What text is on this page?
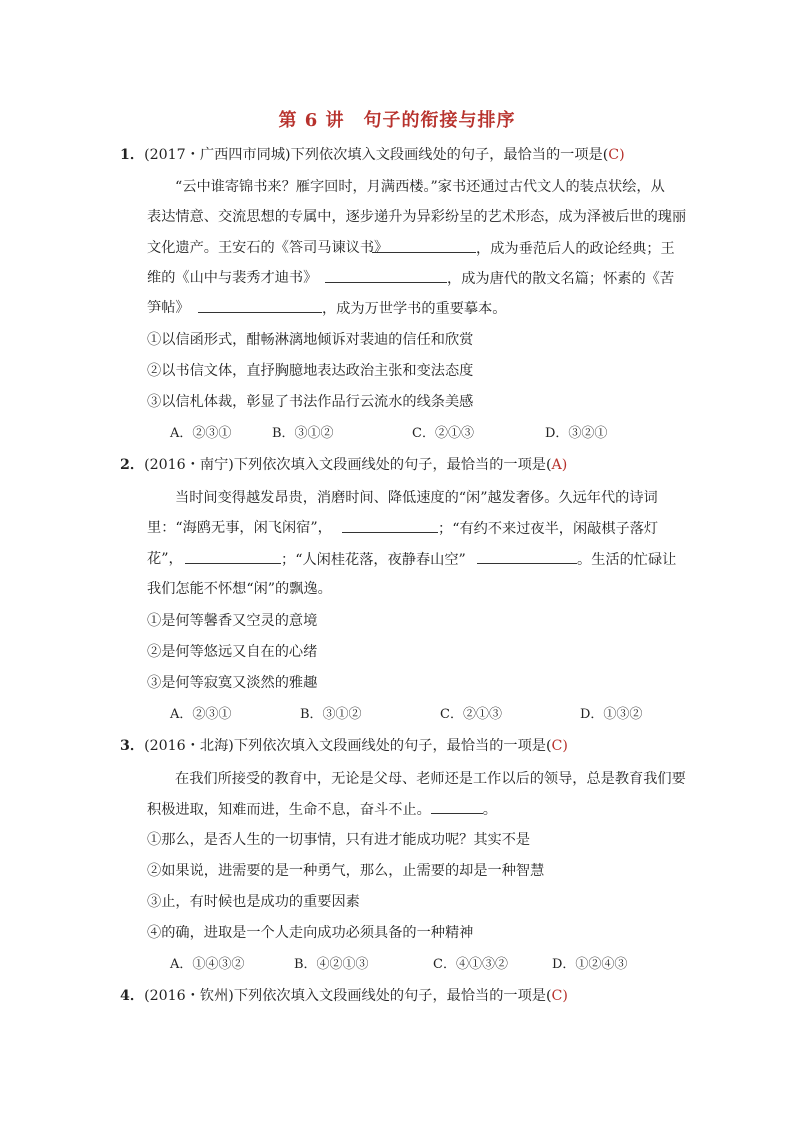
第 6 讲　句子的衔接与排序
1．(2017・广西四市同城)下列依次填入文段画线处的句子，最恰当的一项是(C)
“云中谁寄锦书来？雁字回时，月满西楼。”家书还通过古代文人的装点状绘，从
表达情意、交流思想的专属中，逐步递升为异彩纷呈的艺术形态，成为泽被后世的瑰丽
文化遗产。王安石的《答司马谏议书》	，成为垂范后人的政论经典；王
维的《山中与裴秀才迪书》	，成为唐代的散文名篇；怀素的《苦
笋帖》	，成为万世学书的重要摹本。
①以信函形式，酣畅淋漓地倾诉对裴迪的信任和欣赏
②以书信文体，直抒胸臆地表达政治主张和变法态度
③以信札体裁，彰显了书法作品行云流水的线条美感
A．②③①	B．③①②	C．②①③	D．③②①
2．(2016・南宁)下列依次填入文段画线处的句子，最恰当的一项是(A)
当时间变得越发昂贵，消磨时间、降低速度的“闲”越发奢侈。久远年代的诗词
里：“海鸥无事，闲飞闲宿”，	；“有约不来过夜半，闲敲棋子落灯
花”，	；“人闲桂花落，夜静春山空”	。生活的忙碌让
我们怎能不怀想“闲”的飘逸。
①是何等馨香又空灵的意境
②是何等悠远又自在的心绪
③是何等寂寞又淡然的雅趣
A．②③①	B．③①②	C．②①③	D．①③②
3．(2016・北海)下列依次填入文段画线处的句子，最恰当的一项是(C)
在我们所接受的教育中，无论是父母、老师还是工作以后的领导，总是教育我们要
积极进取，知难而进，生命不息，奋斗不止。	。
①那么，是否人生的一切事情，只有进才能成功呢？其实不是
②如果说，进需要的是一种勇气，那么，止需要的却是一种智慧
③止，有时候也是成功的重要因素
④的确，进取是一个人走向成功必须具备的一种精神
A．①④③②	B．④②①③	C．④①③②	D．①②④③
4．(2016・钦州)下列依次填入文段画线处的句子，最恰当的一项是(C)
